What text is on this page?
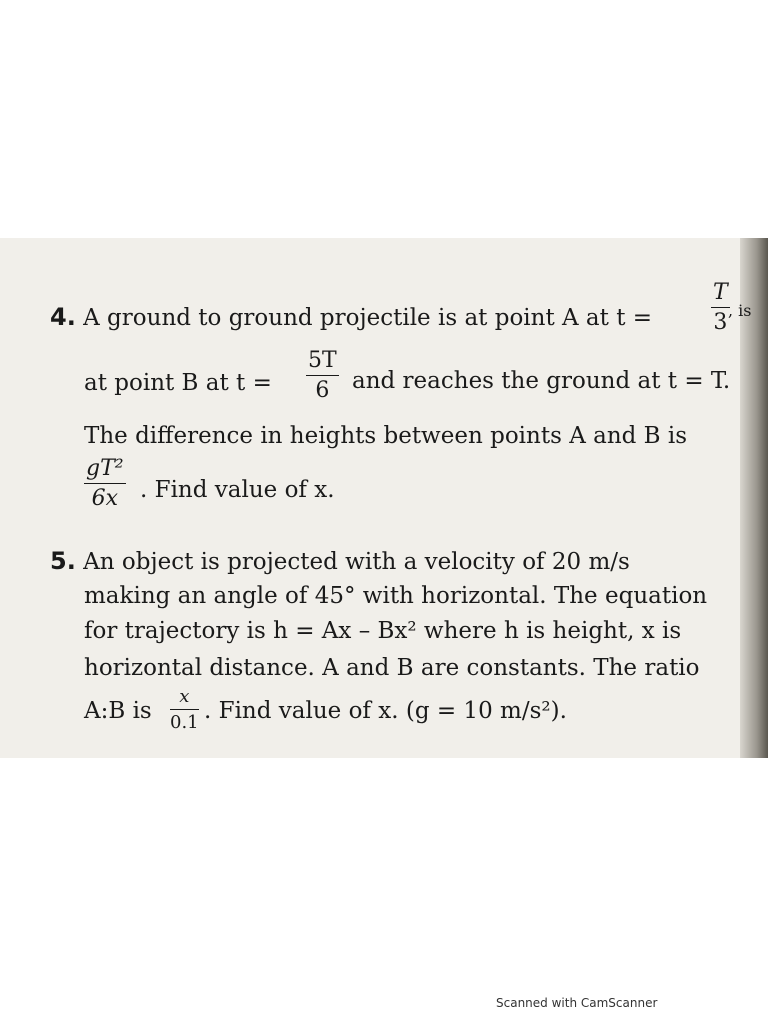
4. A ground to ground projectile is at point A at t =	$\frac{T}{3}$
, is
at point B at $t = \frac{5T}{6}$ and reaches the ground at t = T.
The difference in heights between points A and B is
$\frac{\text{gT²}}{6x}$ . Find value of x.
5. An object is projected with a velocity of 20 m/s
making an angle of 45° with horizontal. The equation
for trajectory is h = Ax – Bx² where h is height, x is
horizontal distance. A and B are constants. The ratio
A:B is $\frac{x}{0.1}$ . Find value of x. (g = 10 m/s²).
Scanned with CamScanner
